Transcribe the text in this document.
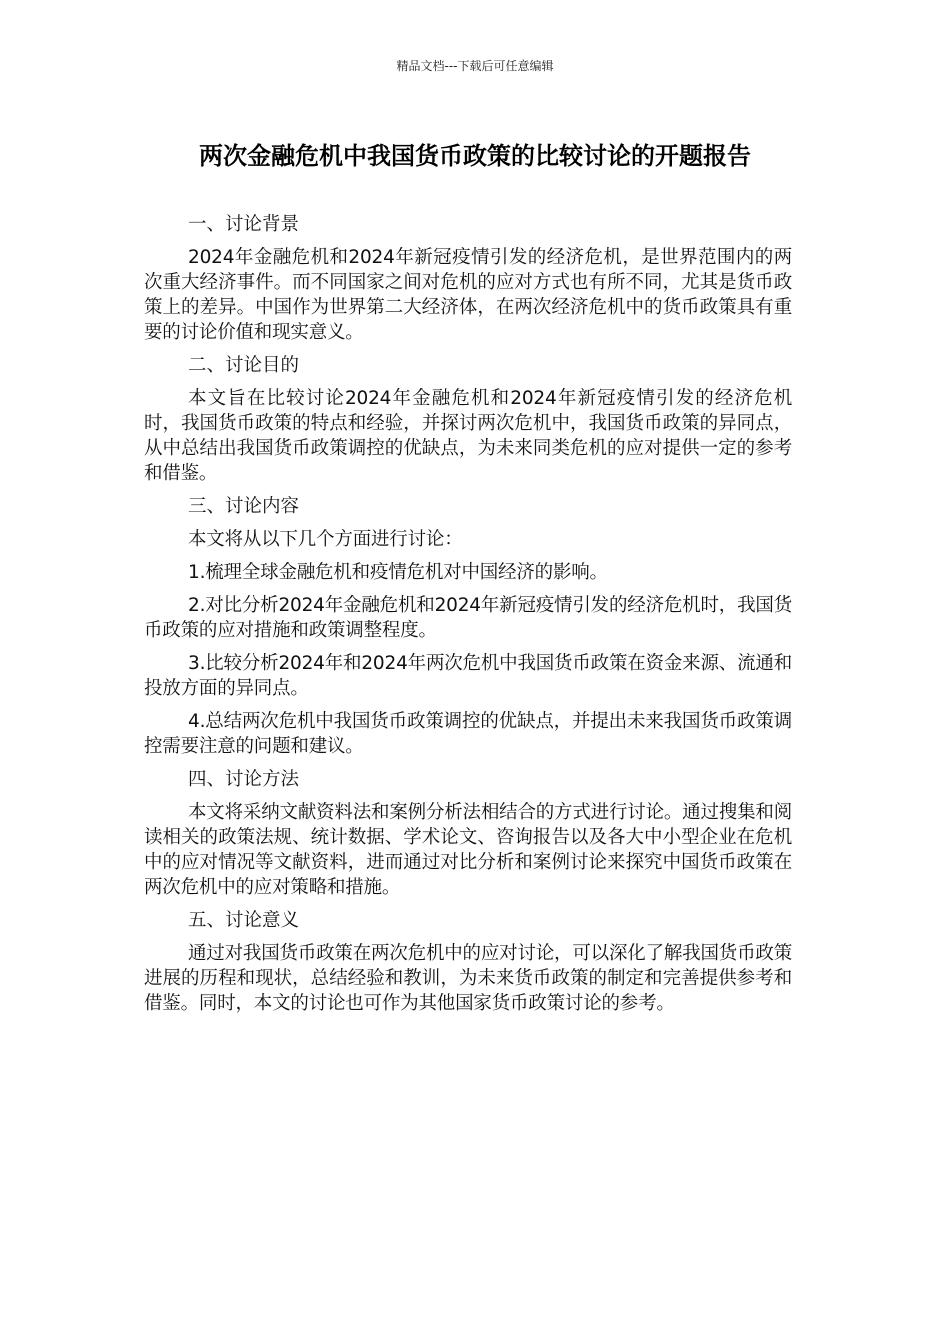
精品文档---下载后可任意编辑
两次金融危机中我国货币政策的比较讨论的开题报告

一、讨论背景

2024年金融危机和2024年新冠疫情引发的经济危机，是世界范围内的两次重大经济事件。而不同国家之间对危机的应对方式也有所不同，尤其是货币政策上的差异。中国作为世界第二大经济体，在两次经济危机中的货币政策具有重要的讨论价值和现实意义。

二、讨论目的

本文旨在比较讨论2024年金融危机和2024年新冠疫情引发的经济危机时，我国货币政策的特点和经验，并探讨两次危机中，我国货币政策的异同点，从中总结出我国货币政策调控的优缺点，为未来同类危机的应对提供一定的参考和借鉴。

三、讨论内容

本文将从以下几个方面进行讨论：

1.梳理全球金融危机和疫情危机对中国经济的影响。

2.对比分析2024年金融危机和2024年新冠疫情引发的经济危机时，我国货币政策的应对措施和政策调整程度。

3.比较分析2024年和2024年两次危机中我国货币政策在资金来源、流通和投放方面的异同点。

4.总结两次危机中我国货币政策调控的优缺点，并提出未来我国货币政策调控需要注意的问题和建议。

四、讨论方法

本文将采纳文献资料法和案例分析法相结合的方式进行讨论。通过搜集和阅读相关的政策法规、统计数据、学术论文、咨询报告以及各大中小型企业在危机中的应对情况等文献资料，进而通过对比分析和案例讨论来探究中国货币政策在两次危机中的应对策略和措施。

五、讨论意义

通过对我国货币政策在两次危机中的应对讨论，可以深化了解我国货币政策进展的历程和现状，总结经验和教训，为未来货币政策的制定和完善提供参考和借鉴。同时，本文的讨论也可作为其他国家货币政策讨论的参考。
